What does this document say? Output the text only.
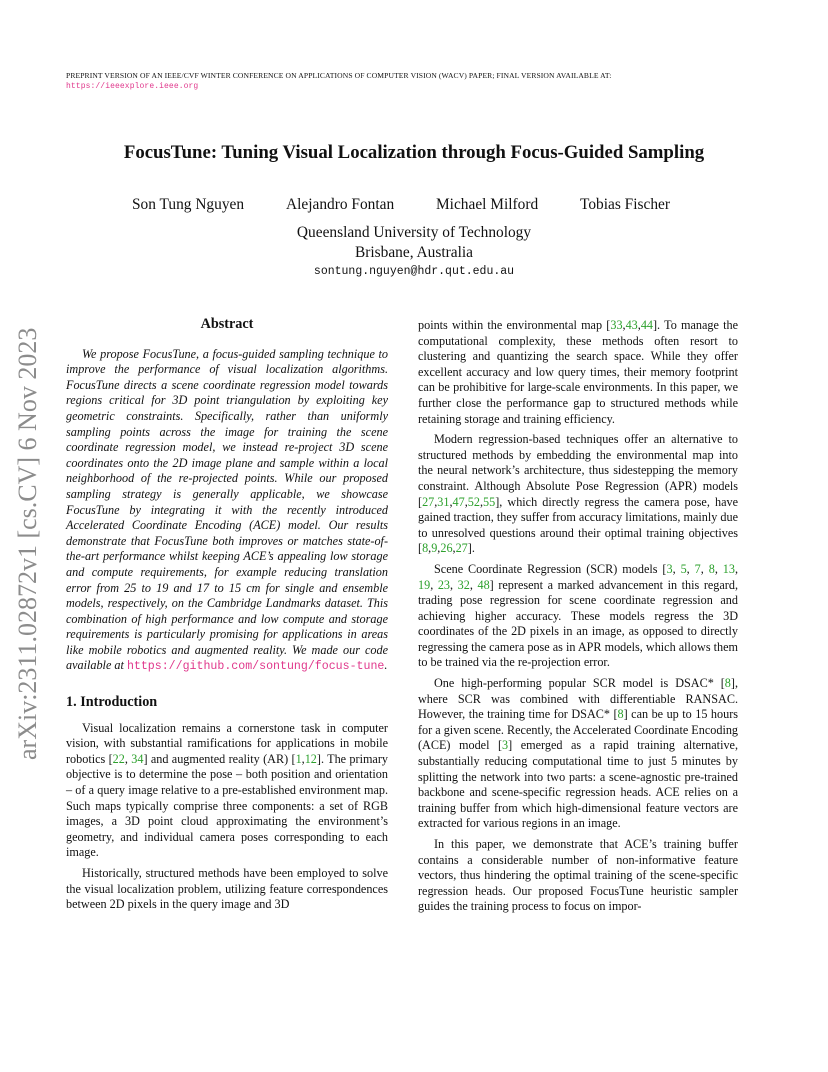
PREPRINT VERSION OF AN IEEE/CVF WINTER CONFERENCE ON APPLICATIONS OF COMPUTER VISION (WACV) PAPER; FINAL VERSION AVAILABLE AT:
https://ieeexplore.ieee.org
FocusTune: Tuning Visual Localization through Focus-Guided Sampling
Son Tung Nguyen	Alejandro Fontan	Michael Milford	Tobias Fischer
Queensland University of Technology
Brisbane, Australia
sontung.nguyen@hdr.qut.edu.au
arXiv:2311.02872v1 [cs.CV] 6 Nov 2023
Abstract

We propose FocusTune, a focus-guided sampling technique to improve the performance of visual localization algorithms. FocusTune directs a scene coordinate regression model towards regions critical for 3D point triangulation by exploiting key geometric constraints. Specifically, rather than uniformly sampling points across the image for training the scene coordinate regression model, we instead re-project 3D scene coordinates onto the 2D image plane and sample within a local neighborhood of the re-projected points. While our proposed sampling strategy is generally applicable, we showcase FocusTune by integrating it with the recently introduced Accelerated Coordinate Encoding (ACE) model. Our results demonstrate that FocusTune both improves or matches state-of-the-art performance whilst keeping ACE’s appealing low storage and compute requirements, for example reducing translation error from 25 to 19 and 17 to 15 cm for single and ensemble models, respectively, on the Cambridge Landmarks dataset. This combination of high performance and low compute and storage requirements is particularly promising for applications in areas like mobile robotics and augmented reality. We made our code available at https://github.com/sontung/focus-tune.

1. Introduction

Visual localization remains a cornerstone task in computer vision, with substantial ramifications for applications in mobile robotics [22, 34] and augmented reality (AR) [1,12]. The primary objective is to determine the pose – both position and orientation – of a query image relative to a pre-established environment map. Such maps typically comprise three components: a set of RGB images, a 3D point cloud approximating the environment’s geometry, and individual camera poses corresponding to each image.

Historically, structured methods have been employed to solve the visual localization problem, utilizing feature correspondences between 2D pixels in the query image and 3D

points within the environmental map [33,43,44]. To manage the computational complexity, these methods often resort to clustering and quantizing the search space. While they offer excellent accuracy and low query times, their memory footprint can be prohibitive for large-scale environments. In this paper, we further close the performance gap to structured methods while retaining storage and training efficiency.

Modern regression-based techniques offer an alternative to structured methods by embedding the environmental map into the neural network’s architecture, thus sidestepping the memory constraint. Although Absolute Pose Regression (APR) models [27,31,47,52,55], which directly regress the camera pose, have gained traction, they suffer from accuracy limitations, mainly due to unresolved questions around their optimal training objectives [8,9,26,27].

Scene Coordinate Regression (SCR) models [3, 5, 7, 8, 13, 19, 23, 32, 48] represent a marked advancement in this regard, trading pose regression for scene coordinate regression and achieving higher accuracy. These models regress the 3D coordinates of the 2D pixels in an image, as opposed to directly regressing the camera pose as in APR models, which allows them to be trained via the re-projection error.

One high-performing popular SCR model is DSAC* [8], where SCR was combined with differentiable RANSAC. However, the training time for DSAC* [8] can be up to 15 hours for a given scene. Recently, the Accelerated Coordinate Encoding (ACE) model [3] emerged as a rapid training alternative, substantially reducing computational time to just 5 minutes by splitting the network into two parts: a scene-agnostic pre-trained backbone and scene-specific regression heads. ACE relies on a training buffer from which high-dimensional feature vectors are extracted for various regions in an image.

In this paper, we demonstrate that ACE’s training buffer contains a considerable number of non-informative feature vectors, thus hindering the optimal training of the scene-specific regression heads. Our proposed FocusTune heuristic sampler guides the training process to focus on impor-
